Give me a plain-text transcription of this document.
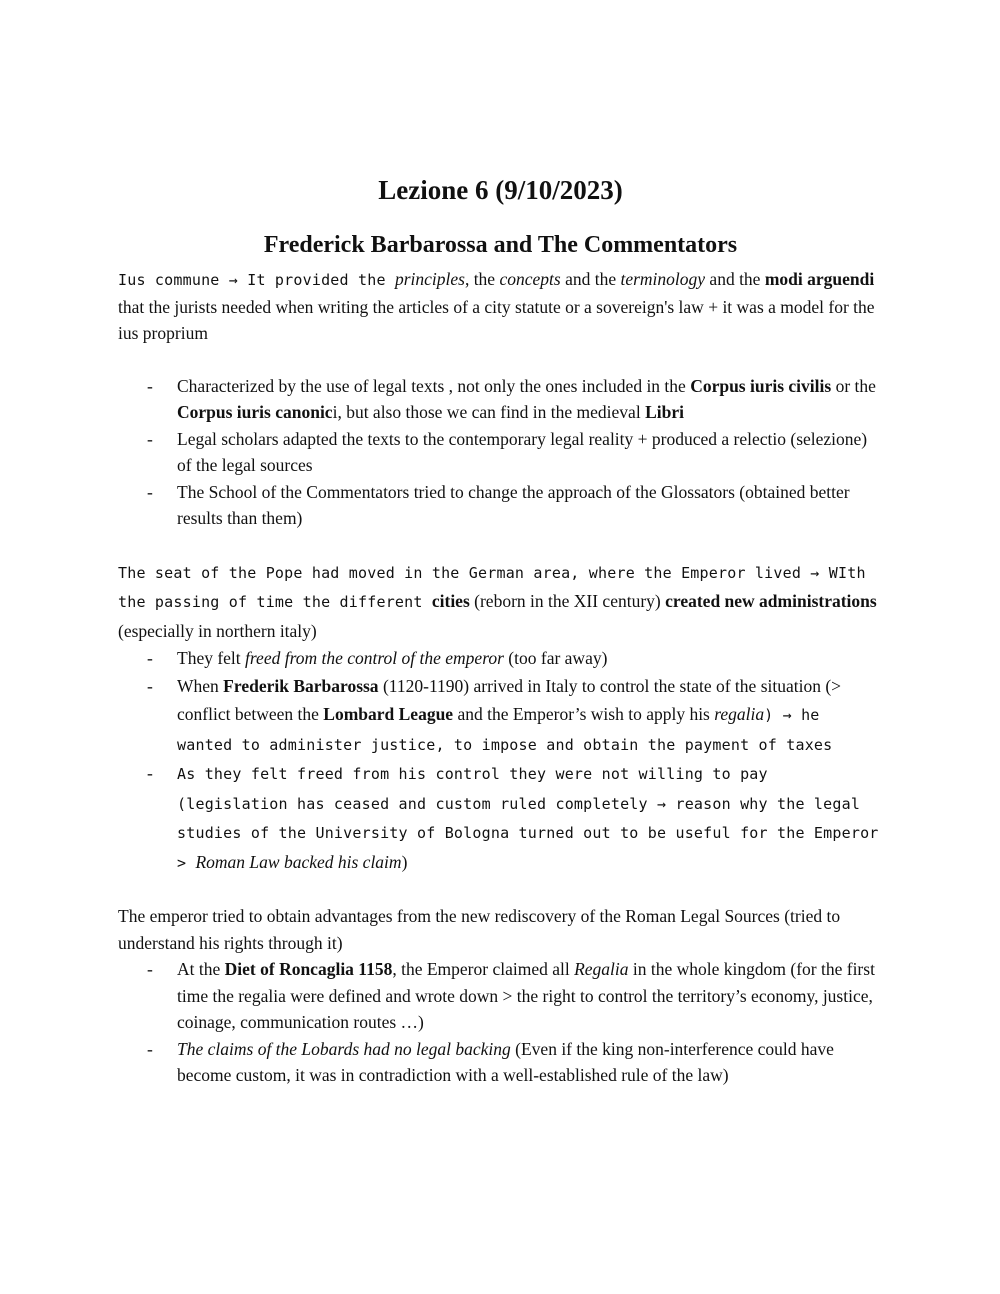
Lezione 6 (9/10/2023)
Frederick Barbarossa and The Commentators

Ius commune → It provided the principles, the concepts and the terminology and the modi arguendi that the jurists needed when writing the articles of a city statute or a sovereign's law + it was a model for the ius proprium

- Characterized by the use of legal texts , not only the ones included in the Corpus iuris civilis or the Corpus iuris canonici, but also those we can find in the medieval Libri
- Legal scholars adapted the texts to the contemporary legal reality + produced a relectio (selezione) of the legal sources
- The School of the Commentators tried to change the approach of the Glossators (obtained better results than them)

The seat of the Pope had moved in the German area, where the Emperor lived → WIth the passing of time the different cities (reborn in the XII century) created new administrations (especially in northern italy)

- They felt freed from the control of the emperor (too far away)
- When Frederik Barbarossa (1120-1190) arrived in Italy to control the state of the situation (> conflict between the Lombard League and the Emperor’s wish to apply his regalia) → he wanted to administer justice, to impose and obtain the payment of taxes
- As they felt freed from his control they were not willing to pay (legislation has ceased and custom ruled completely → reason why the legal studies of the University of Bologna turned out to be useful for the Emperor > Roman Law backed his claim)

The emperor tried to obtain advantages from the new rediscovery of the Roman Legal Sources (tried to understand his rights through it)

- At the Diet of Roncaglia 1158, the Emperor claimed all Regalia in the whole kingdom (for the first time the regalia were defined and wrote down > the right to control the territory’s economy, justice, coinage, communication routes …)
- The claims of the Lobards had no legal backing (Even if the king non-interference could have become custom, it was in contradiction with a well-established rule of the law)
